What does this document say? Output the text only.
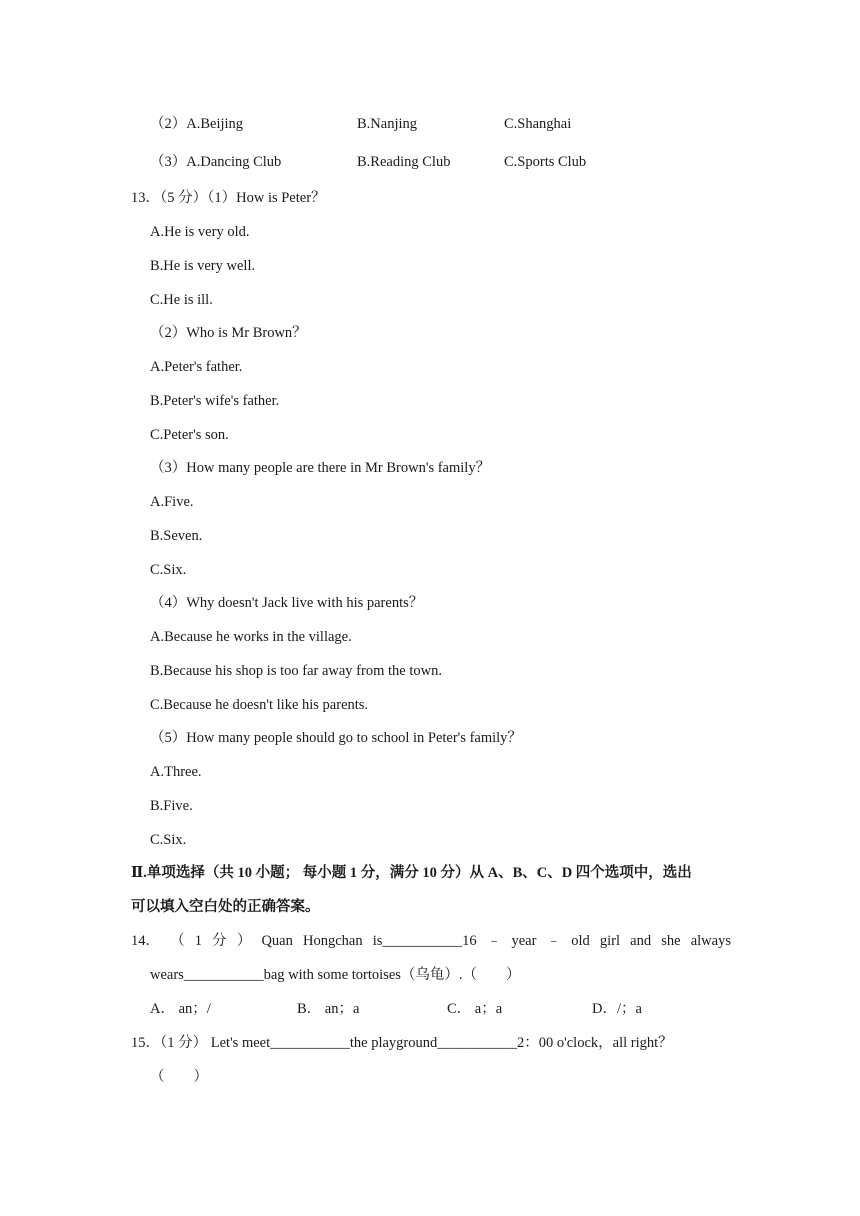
（2）A.Beijing	B.Nanjing	C.Shanghai
（3）A.Dancing Club	B.Reading Club	C.Sports Club
13．（5 分）（1）How is Peter？
A.He is very old.
B.He is very well.
C.He is ill.
（2）Who is Mr Brown？
A.Peter's father.
B.Peter's wife's father.
C.Peter's son.
（3）How many people are there in Mr Brown's family？
A.Five.
B.Seven.
C.Six.
（4）Why doesn't Jack live with his parents？
A.Because he works in the village.
B.Because his shop is too far away from the town.
C.Because he doesn't like his parents.
（5）How many people should go to school in Peter's family？
A.Three.
B.Five.
C.Six.
Ⅱ.单项选择（共 10 小题； 每小题 1 分，满分 10 分）从 A、B、C、D 四个选项中，选出
可以填入空白处的正确答案。
14． （ 1 分 ） Quan Hongchan is___________16 ﹣ year ﹣ old girl and she always
wears___________bag with some tortoises（乌龟）.（　　）
A． an；/	B． an；a	C． a；a	D．/；a
15．（1 分） Let's meet___________the playground___________2：00 o'clock，all right？
（　　）
